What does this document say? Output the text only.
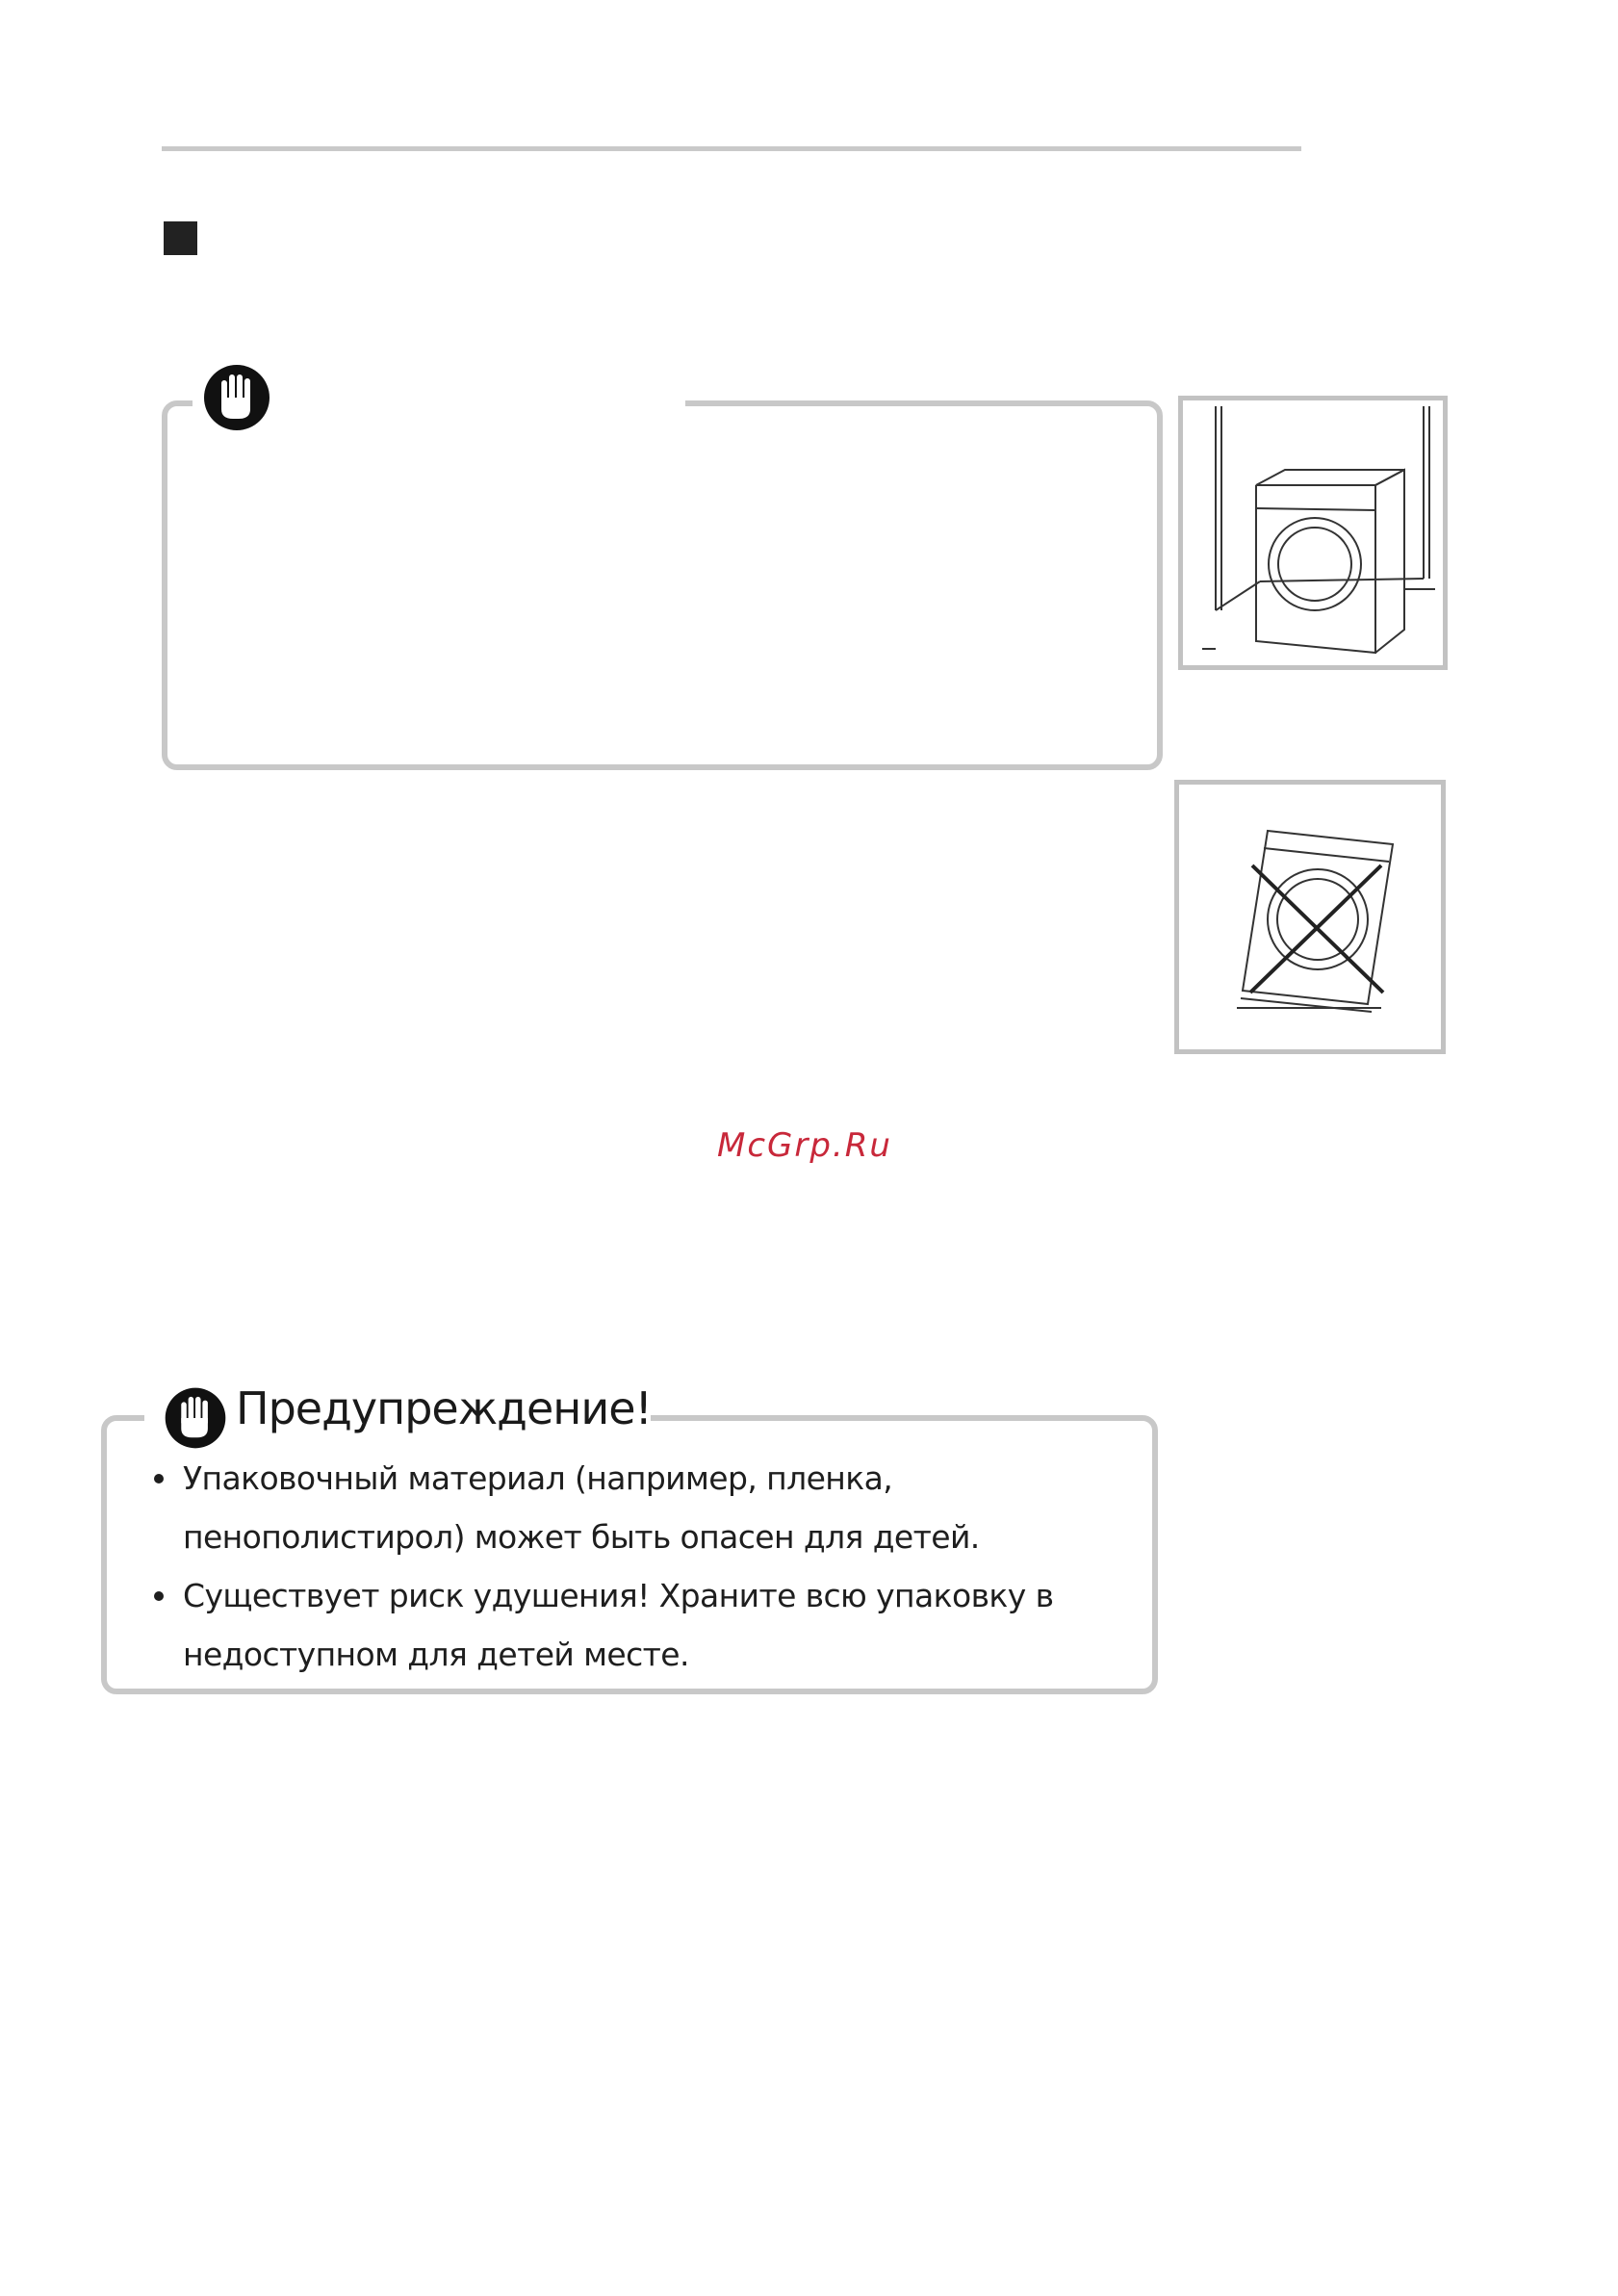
McGrp.Ru
Предупреждение!
Упаковочный материал (например, пленка, пенополистирол) может быть опасен для детей.
Существует риск удушения! Храните всю упаковку в недоступном для детей месте.
